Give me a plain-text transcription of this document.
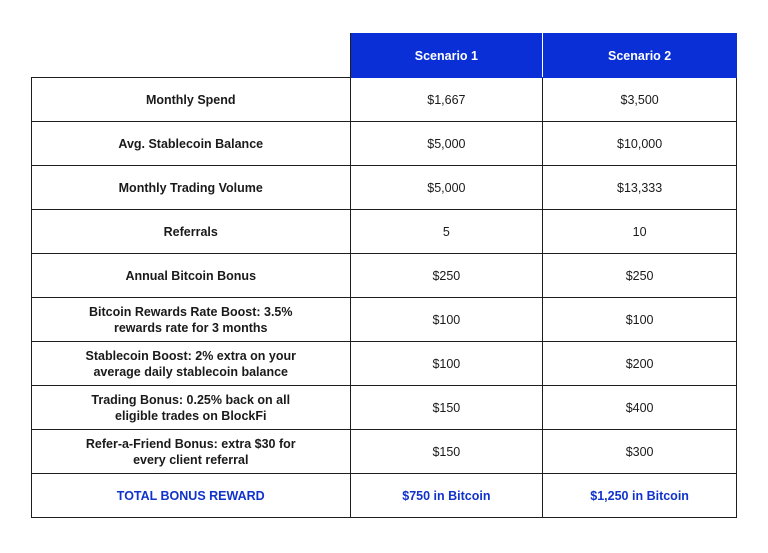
	Scenario 1	Scenario 2
Monthly Spend	$1,667	$3,500
Avg. Stablecoin Balance	$5,000	$10,000
Monthly Trading Volume	$5,000	$13,333
Referrals	5	10
Annual Bitcoin Bonus	$250	$250

Bitcoin Rewards Rate Boost: 3.5%
rewards rate for 3 months	$100	$100

Stablecoin Boost: 2% extra on your
average daily stablecoin balance	$100	$200

Trading Bonus: 0.25% back on all
eligible trades on BlockFi	$150	$400

Refer-a-Friend Bonus: extra $30 for
every client referral	$150	$300
TOTAL BONUS REWARD	$750 in Bitcoin	$1,250 in Bitcoin
